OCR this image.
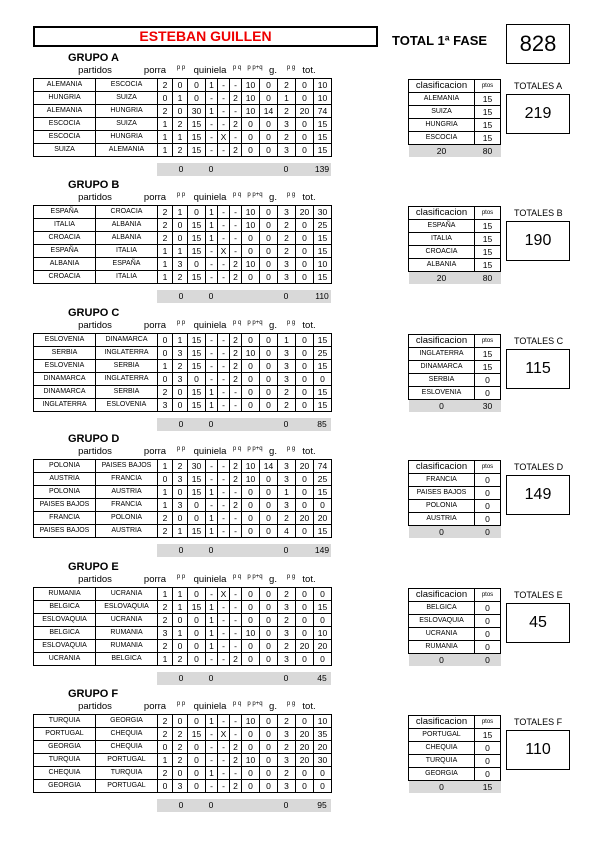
ESTEBAN GUILLEN	TOTAL 1ª FASE	828
GRUPO A
partidos	porra	p p quiniela	p q	p p+q g.	p g tot.
ALEMANIA	ESCOCIA	2	0	0	1	-	-	10	0	2	0	10
HUNGRIA	SUIZA	0	1	0	-	-	2	10	0	1	0	10
ALEMANIA	HUNGRIA	2	0	30	1	-	-	10	14	2	20	74
ESCOCIA	SUIZA	1	2	15	-	-	2	0	0	3	0	15
ESCOCIA	HUNGRIA	1	1	15	-	X	-	0	0	2	0	15
SUIZA	ALEMANIA	1	2	15	-	-	2	0	0	3	0	15
		0	0					0		139
clasificacion	ptos
ALEMANIA	15
SUIZA	15
HUNGRIA	15
ESCOCIA	15
20	80
TOTALES A
219
GRUPO B
partidos	porra	p p quiniela	p q	p p+q g.	p g tot.
ESPAÑA	CROACIA	2	1	0	1	-	-	10	0	3	20	30
ITALIA	ALBANIA	2	0	15	1	-	-	10	0	2	0	25
CROACIA	ALBANIA	2	0	15	1	-	-	0	0	2	0	15
ESPAÑA	ITALIA	1	1	15	-	X	-	0	0	2	0	15
ALBANIA	ESPAÑA	1	3	0	-	-	2	10	0	3	0	10
CROACIA	ITALIA	1	2	15	-	-	2	0	0	3	0	15
		0	0					0		110
clasificacion	ptos
ESPAÑA	15
ITALIA	15
CROACIA	15
ALBANIA	15
20	80
TOTALES B
190
GRUPO C
partidos	porra	p p quiniela	p q	p p+q g.	p g tot.
ESLOVENIA	DINAMARCA	0	1	15	-	-	2	0	0	1	0	15
SERBIA	INGLATERRA	0	3	15	-	-	2	10	0	3	0	25
ESLOVENIA	SERBIA	1	2	15	-	-	2	0	0	3	0	15
DINAMARCA	INGLATERRA	0	3	0	-	-	2	0	0	3	0	0
DINAMARCA	SERBIA	2	0	15	1	-	-	0	0	2	0	15
INGLATERRA	ESLOVENIA	3	0	15	1	-	-	0	0	2	0	15
		0	0					0		85
clasificacion	ptos
INGLATERRA	15
DINAMARCA	15
SERBIA	0
ESLOVENIA	0
0	30
TOTALES C
115
GRUPO D
partidos	porra	p p quiniela	p q	p p+q g.	p g tot.
POLONIA	PAISES BAJOS	1	2	30	-	-	2	10	14	3	20	74
AUSTRIA	FRANCIA	0	3	15	-	-	2	10	0	3	0	25
POLONIA	AUSTRIA	1	0	15	1	-	-	0	0	1	0	15
PAISES BAJOS	FRANCIA	1	3	0	-	-	2	0	0	3	0	0
FRANCIA	POLONIA	2	0	0	1	-	-	0	0	2	20	20
PAISES BAJOS	AUSTRIA	2	1	15	1	-	-	0	0	4	0	15
		0	0					0		149
clasificacion	ptos
FRANCIA	0
PAISES BAJOS	0
POLONIA	0
AUSTRIA	0
0	0
TOTALES D
149
GRUPO E
partidos	porra	p p quiniela	p q	p p+q g.	p g tot.
RUMANIA	UCRANIA	1	1	0	-	X	-	0	0	2	0	0
BELGICA	ESLOVAQUIA	2	1	15	1	-	-	0	0	3	0	15
ESLOVAQUIA	UCRANIA	2	0	0	1	-	-	0	0	2	0	0
BELGICA	RUMANIA	3	1	0	1	-	-	10	0	3	0	10
ESLOVAQUIA	RUMANIA	2	0	0	1	-	-	0	0	2	20	20
UCRANIA	BELGICA	1	2	0	-	-	2	0	0	3	0	0
		0	0					0		45
clasificacion	ptos
BELGICA	0
ESLOVAQUIA	0
UCRANIA	0
RUMANIA	0
0	0
TOTALES E
45
GRUPO F
partidos	porra	p p quiniela	p q	p p+q g.	p g tot.
TURQUIA	GEORGIA	2	0	0	1	-	-	10	0	2	0	10
PORTUGAL	CHEQUIA	2	2	15	-	X	-	0	0	3	20	35
GEORGIA	CHEQUIA	0	2	0	-	-	2	0	0	2	20	20
TURQUIA	PORTUGAL	1	2	0	-	-	2	10	0	3	20	30
CHEQUIA	TURQUIA	2	0	0	1	-	-	0	0	2	0	0
GEORGIA	PORTUGAL	0	3	0	-	-	2	0	0	3	0	0
		0	0					0		95
clasificacion	ptos
PORTUGAL	15
CHEQUIA	0
TURQUIA	0
GEORGIA	0
0	15
TOTALES F
110
